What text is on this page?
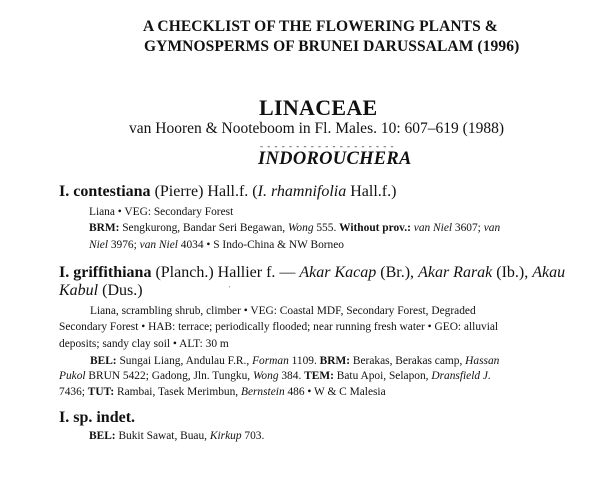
A CHECKLIST OF THE FLOWERING PLANTS &
GYMNOSPERMS OF BRUNEI DARUSSALAM (1996)
LINACEAE
van Hooren & Nooteboom in Fl. Males. 10: 607–619 (1988)
- - - - - - - - - - - - - - - - - - -
INDOROUCHERA
I. contestiana (Pierre) Hall.f. (I. rhamnifolia Hall.f.)
Liana • VEG: Secondary Forest
BRM: Sengkurong, Bandar Seri Begawan, Wong 555. Without prov.: van Niel 3607; van
Niel 3976; van Niel 4034 • S Indo-China & NW Borneo
I. griffithiana (Planch.) Hallier f. — Akar Kacap (Br.), Akar Rarak (Ib.), Akau
Kabul (Dus.)	'
Liana, scrambling shrub, climber • VEG: Coastal MDF, Secondary Forest, Degraded
Secondary Forest • HAB: terrace; periodically flooded; near running fresh water • GEO: alluvial
deposits; sandy clay soil • ALT: 30 m
BEL: Sungai Liang, Andulau F.R., Forman 1109. BRM: Berakas, Berakas camp, Hassan
Pukol BRUN 5422; Gadong, Jln. Tungku, Wong 384. TEM: Batu Apoi, Selapon, Dransfield J.
7436; TUT: Rambai, Tasek Merimbun, Bernstein 486 • W & C Malesia
I. sp. indet.
BEL: Bukit Sawat, Buau, Kirkup 703.
